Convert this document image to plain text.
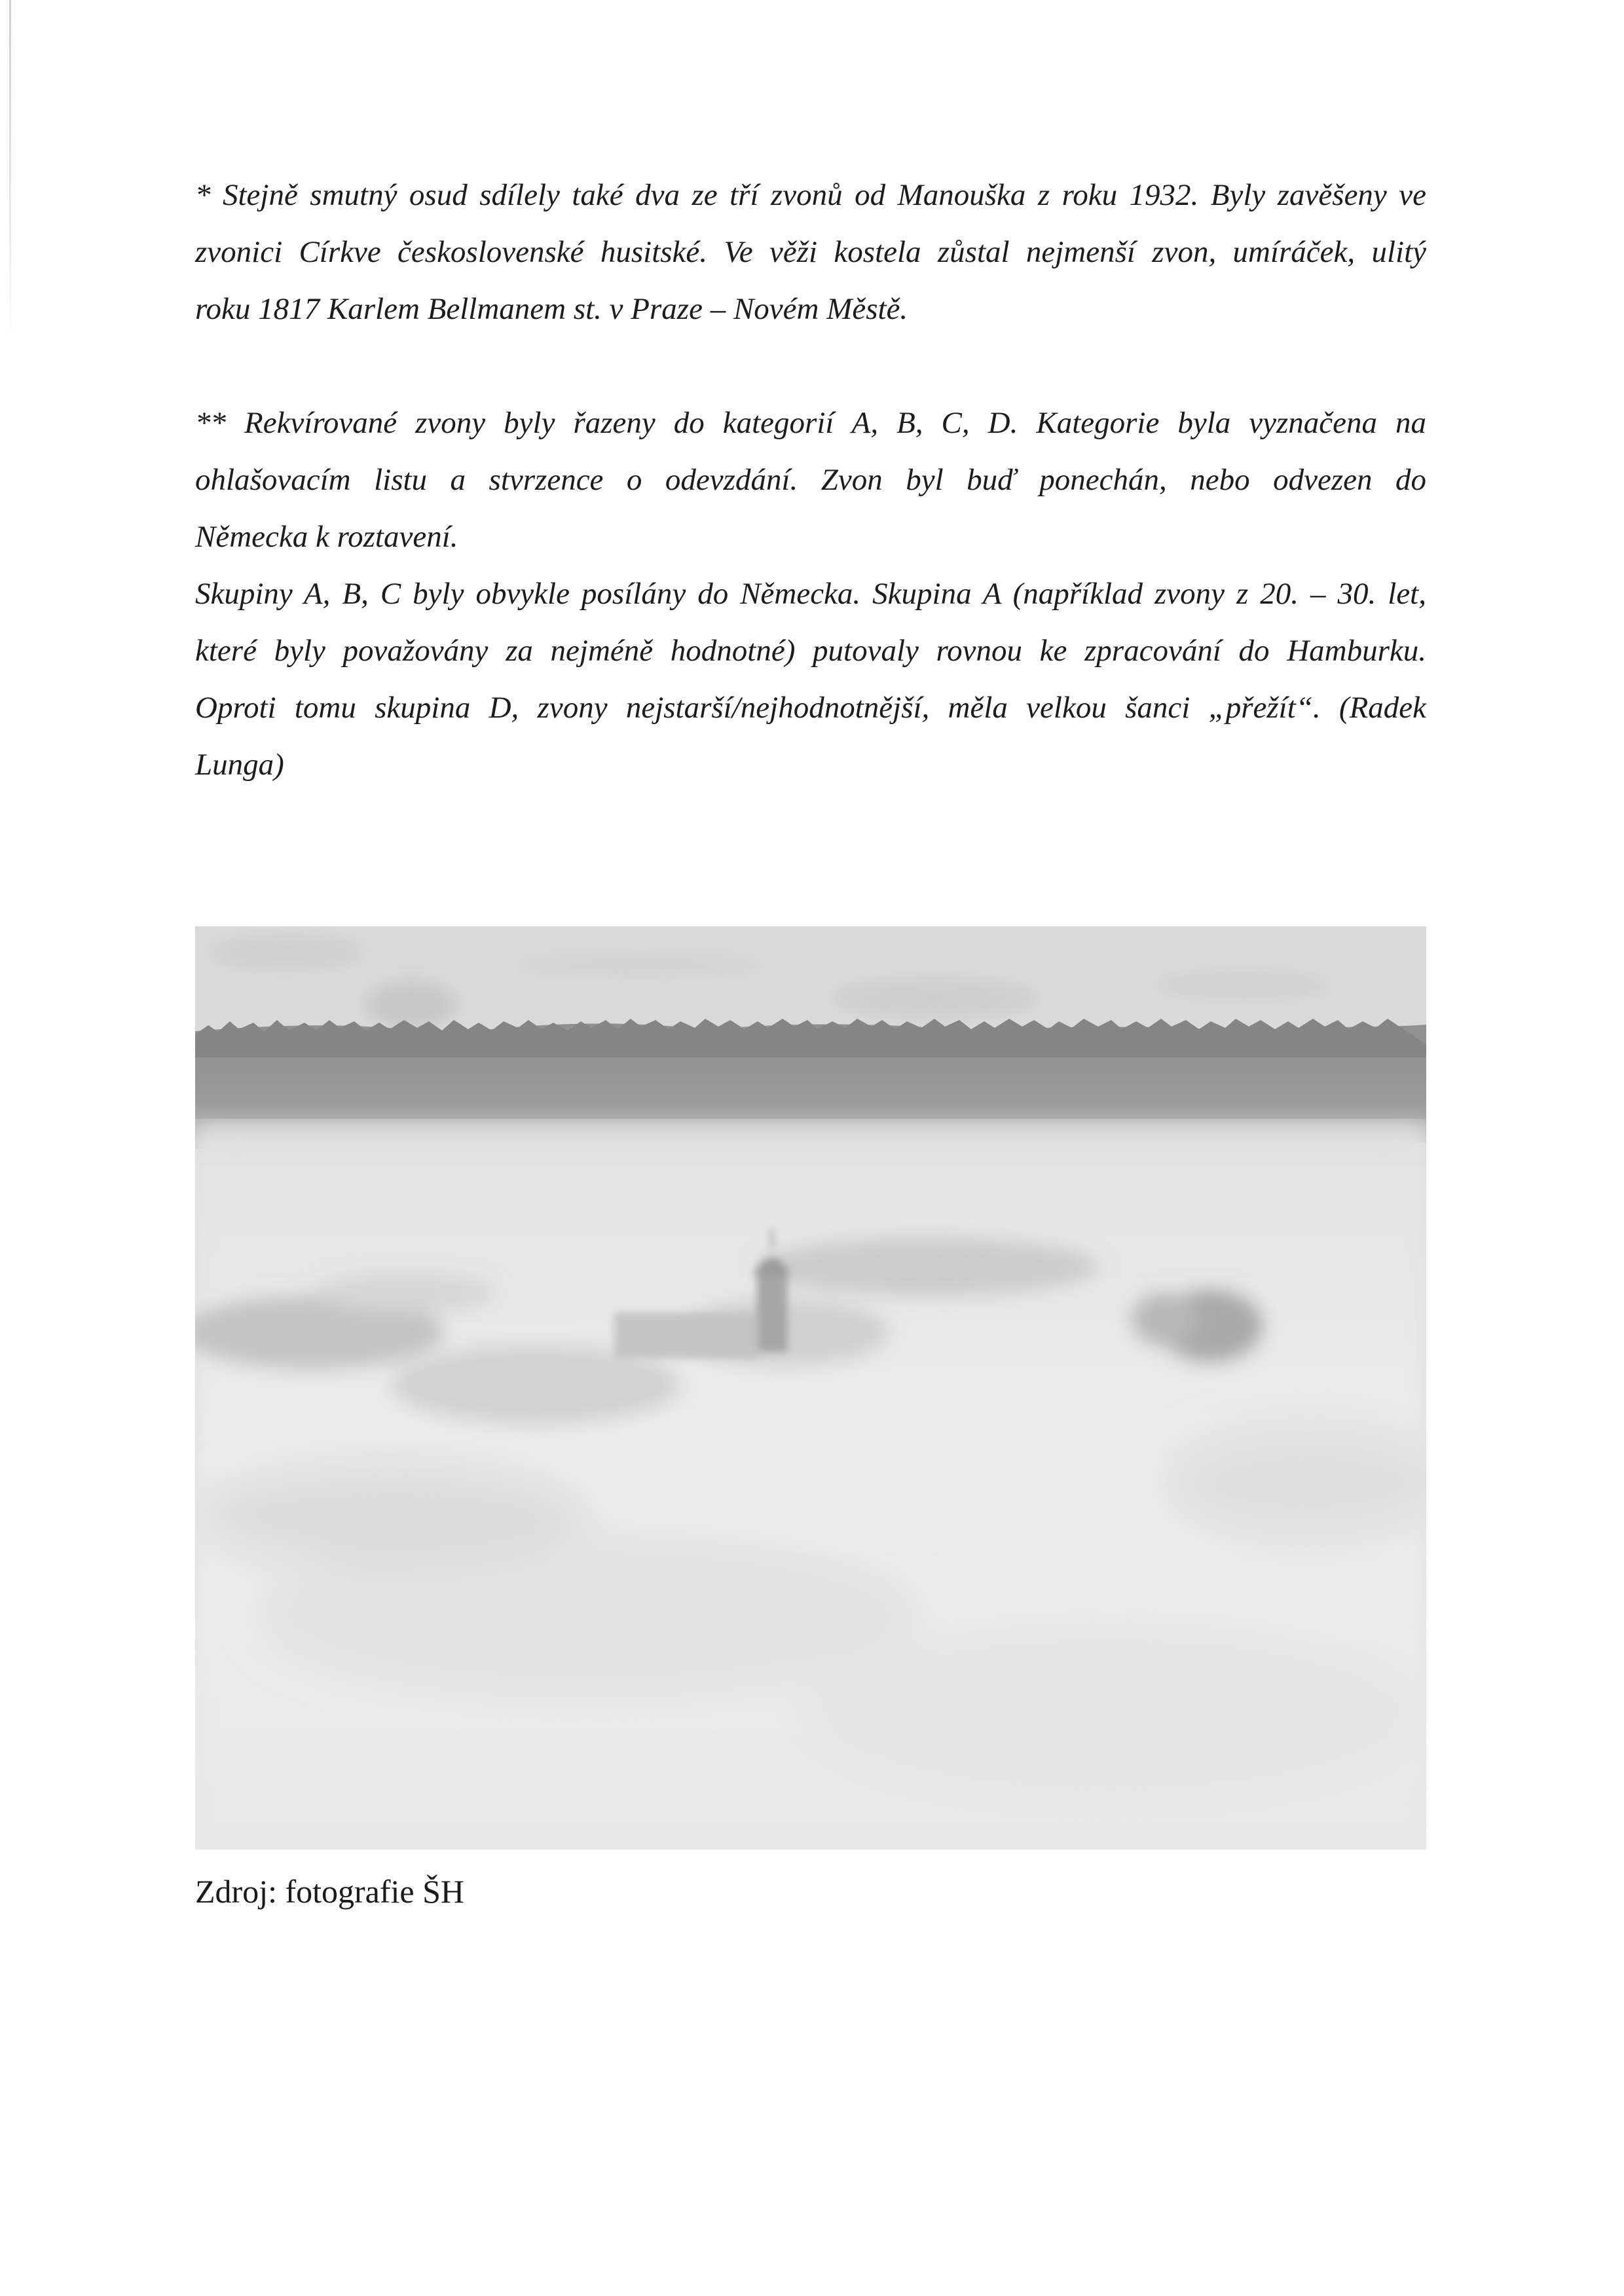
* Stejně smutný osud sdílely také dva ze tří zvonů od Manouška z roku 1932. Byly zavěšeny ve
zvonici Církve československé husitské. Ve věži kostela zůstal nejmenší zvon, umíráček, ulitý
roku 1817 Karlem Bellmanem st. v Praze – Novém Městě.
** Rekvírované zvony byly řazeny do kategorií A, B, C, D. Kategorie byla vyznačena na
ohlašovacím listu a stvrzence o odevzdání. Zvon byl buď ponechán, nebo odvezen do
Německa k roztavení.
Skupiny A, B, C byly obvykle posílány do Německa. Skupina A (například zvony z 20. – 30. let,
které byly považovány za nejméně hodnotné) putovaly rovnou ke zpracování do Hamburku.
Oproti tomu skupina D, zvony nejstarší/nejhodnotnější, měla velkou šanci „přežít“. (Radek
Lunga)
Zdroj: fotografie ŠH
